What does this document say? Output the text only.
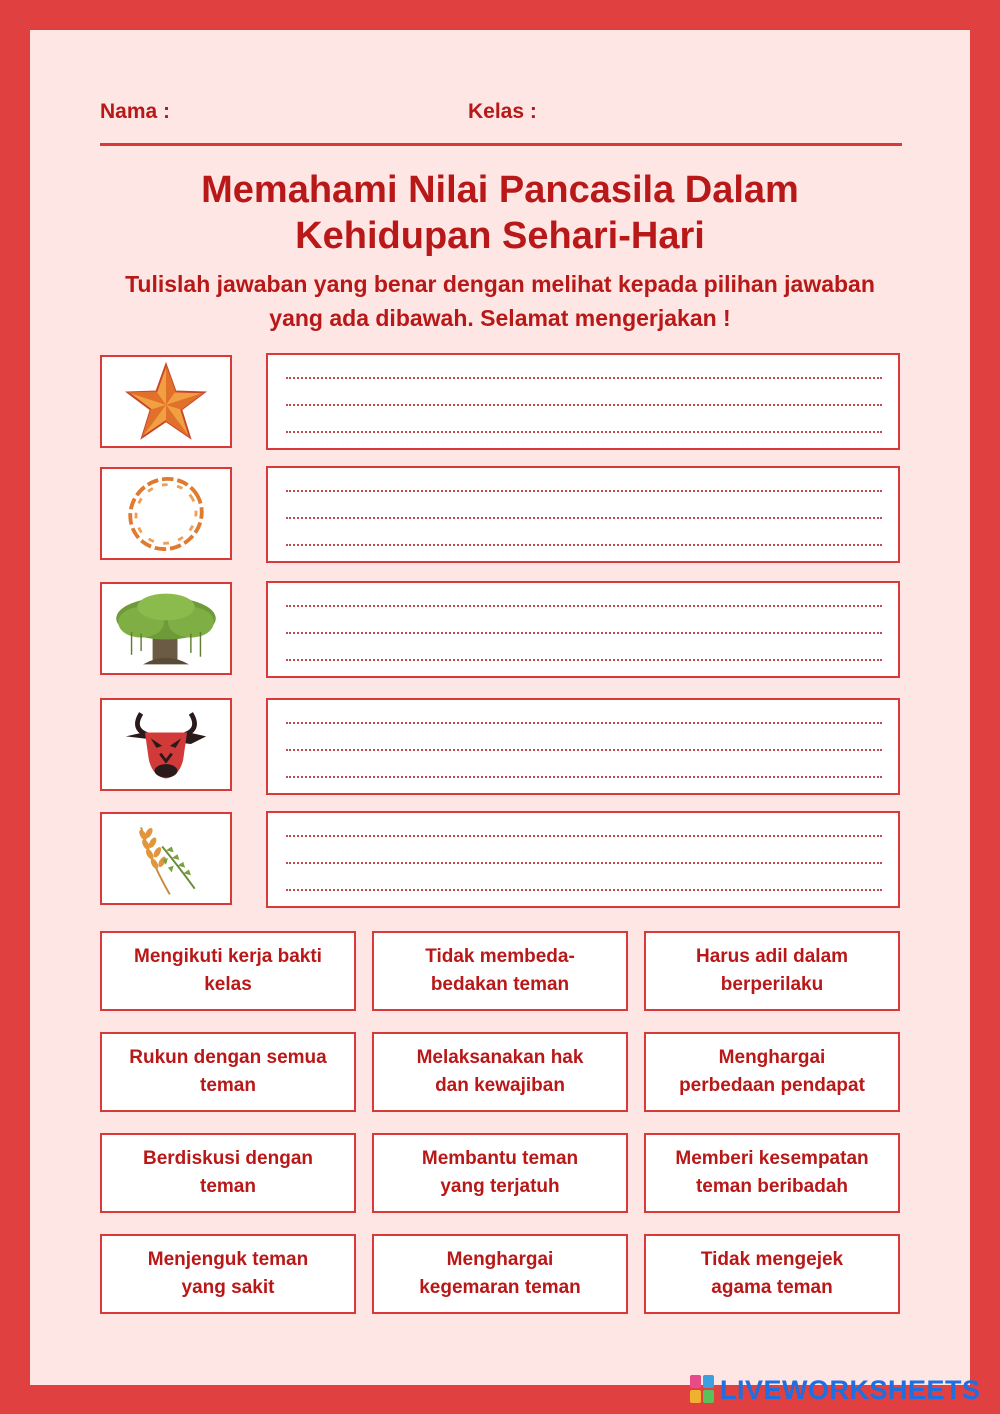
Nama :	Kelas :
Memahami Nilai Pancasila Dalam
Kehidupan Sehari-Hari
Tulislah jawaban yang benar dengan melihat kepada pilihan jawaban
yang ada dibawah. Selamat mengerjakan !
Mengikuti kerja bakti
kelas
Tidak membeda-
bedakan teman
Harus adil dalam
berperilaku
Rukun dengan semua
teman
Melaksanakan hak
dan kewajiban
Menghargai
perbedaan pendapat
Berdiskusi dengan
teman
Membantu teman
yang terjatuh
Memberi kesempatan
teman beribadah
Menjenguk teman
yang sakit
Menghargai
kegemaran teman
Tidak mengejek
agama teman
LIVEWORKSHEETS
